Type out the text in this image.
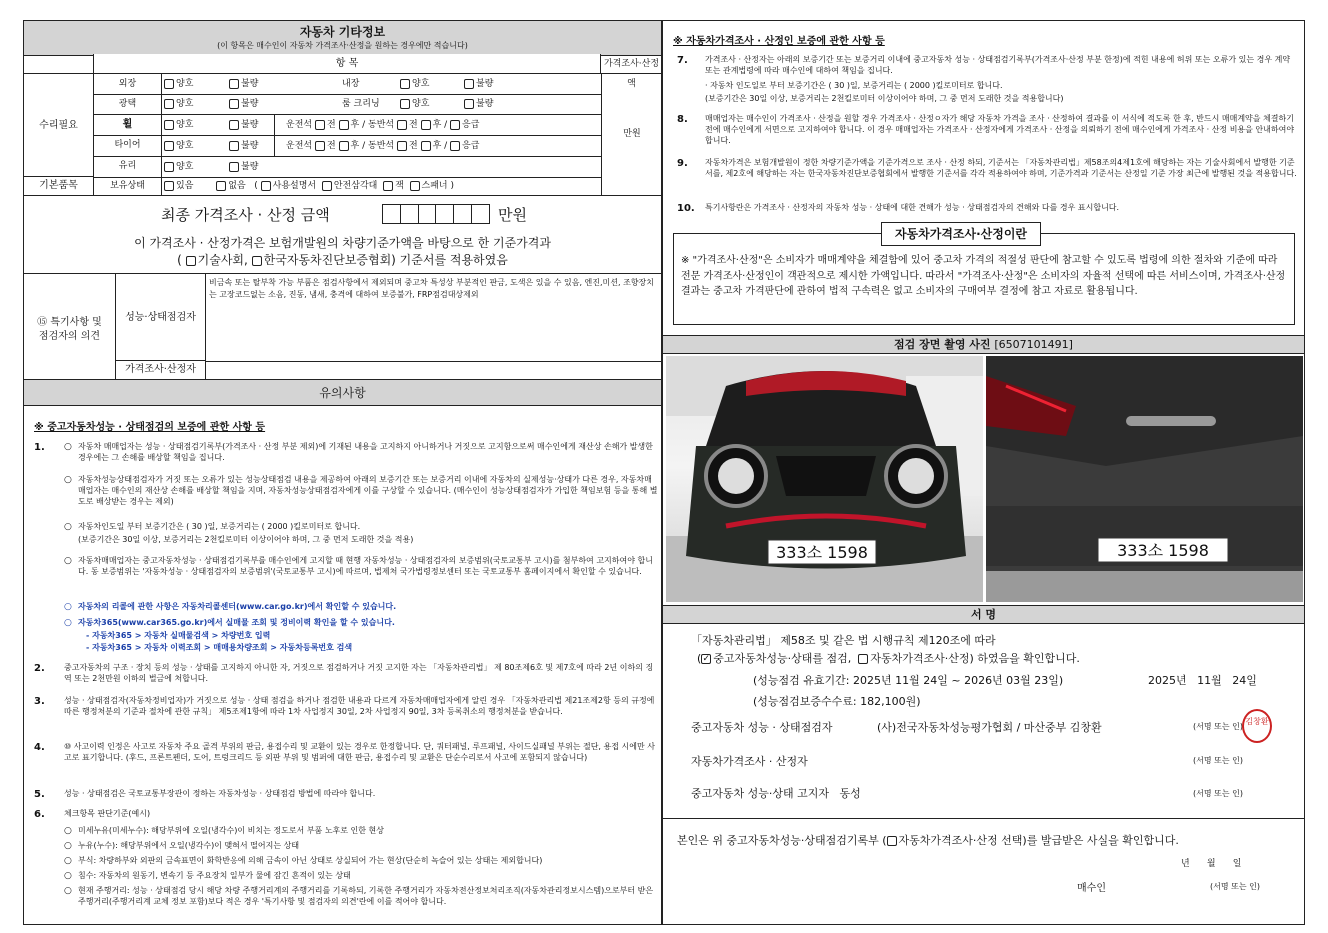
자동차 기타정보
(이 항목은 매수인이 자동차 가격조사·산정을 원하는 경우에만 적습니다)
항 목	가격조사·산정액
수리필요
기본품목
만원
외장	양호	불량	내장	양호	불량
광택	양호	불량	룸 크리닝	양호	불량
휠	양호	불량	운전석 전 후 / 동반석 전 후 / 응급
타이어	양호	불량	운전석 전 후 / 동반석 전 후 / 응급
유리	양호	불량
보유상태	있음	없음   ( 사용설명서 안전삼각대 잭 스패너 )
최종 가격조사 · 산정 금액	만원
이 가격조사 · 산정가격은 보험개발원의 차량기준가액을 바탕으로 한 기준가격과
( 기술사회, 한국자동차진단보증협회) 기준서를 적용하였음
⑮ 특기사항 및
점검자의 의견
성능·상태점검자
비금속 또는 탈부착 가능 부품은 점검사항에서 제외되며 중고차 특성상 부분적인 판금, 도색은 있을 수 있음, 엔진,미션, 조향장치는 고장코드없는 소음, 진동, 냄새, 충격에 대하여 보증불가, FRP점검대상제외
가격조사·산정자
유의사항
※ 중고자동차성능 · 상태점검의 보증에 관한 사항 등
1. ○ 자동차 매매업자는 성능 · 상태점검기록부(가격조사 · 산정 부분 제외)에 기재된 내용을 고지하지 아니하거나 거짓으로 고지함으로써 매수인에게 재산상 손해가 발생한 경우에는 그 손해를 배상할 책임을 집니다.
○ 자동차성능상태점검자가 거짓 또는 오류가 있는 성능상태점검 내용을 제공하여 아래의 보증기간 또는 보증거리 이내에 자동차의 실제성능·상태가 다른 경우, 자동차매매업자는 매수인의 재산상 손해를 배상할 책임을 지며, 자동차성능상태점검자에게 이를 구상할 수 있습니다. (매수인이 성능상태점검자가 가입한 책임보험 등을 통해 별도로 배상받는 경우는 제외)
○ 자동차인도일 부터 보증기간은 ( 30 )일, 보증거리는 ( 2000 )킬로미터로 합니다.
(보증기간은 30일 이상, 보증거리는 2천킬로미터 이상이어야 하며, 그 중 먼저 도래한 것을 적용)
○ 자동차매매업자는 중고자동차성능 · 상태점검기록부를 매수인에게 고지할 때 현행 자동차성능 · 상태점검자의 보증범위(국토교통부 고시)를 첨부하여 고지하여야 합니다. 동 보증범위는 '자동차성능 · 상태점검자의 보증범위'(국토교통부 고시)에 따르며, 법제처 국가법령정보센터 또는 국토교통부 홈페이지에서 확인할 수 있습니다.
○ 자동차의 리콜에 관한 사항은 자동차리콜센터(www.car.go.kr)에서 확인할 수 있습니다.
○ 자동차365(www.car365.go.kr)에서 실매물 조회 및 정비이력 확인을 할 수 있습니다.
- 자동차365 > 자동차 실매물검색 > 차량번호 입력
- 자동차365 > 자동차 이력조회 > 매매용차량조회 > 자동차등록번호 검색
2. 중고자동차의 구조 · 장치 등의 성능 · 상태를 고지하지 아니한 자, 거짓으로 점검하거나 거짓 고지한 자는 「자동차관리법」 제 80조제6호 및 제7호에 따라 2년 이하의 징역 또는 2천만원 이하의 벌금에 처합니다.
3. 성능 · 상태점검자(자동차정비업자)가 거짓으로 성능 · 상태 점검을 하거나 점검한 내용과 다르게 자동차매매업자에게 알린 경우 「자동차관리법 제21조제2항 등의 규정에 따른 행정처분의 기준과 절차에 관한 규칙」 제5조제1항에 따라 1차 사업정지 30일, 2차 사업정지 90일, 3차 등록취소의 행정처분을 받습니다.
4. ⑩ 사고이력 인정은 사고로 자동차 주요 골격 부위의 판금, 용접수리 및 교환이 있는 경우로 한정합니다. 단, 쿼터패널, 루프패널, 사이드실패널 부위는 절단, 용접 시에만 사고로 표기합니다. (후드, 프론트펜더, 도어, 트렁크리드 등 외판 부위 및 범퍼에 대한 판금, 용접수리 및 교환은 단순수리로서 사고에 포함되지 않습니다)
5. 성능 · 상태점검은 국토교통부장관이 정하는 자동차성능 · 상태점검 방법에 따라야 합니다.
6. 체크항목 판단기준(예시)
○ 미세누유(미세누수): 해당부위에 오일(냉각수)이 비치는 정도로서 부품 노후로 인한 현상
○ 누유(누수): 해당부위에서 오일(냉각수)이 맺혀서 떨어지는 상태
○ 부식: 차량하부와 외판의 금속표면이 화학반응에 의해 금속이 아닌 상태로 상실되어 가는 현상(단순히 녹슬어 있는 상태는 제외합니다)
○ 침수: 자동차의 원동기, 변속기 등 주요장치 일부가 물에 잠긴 흔적이 있는 상태
○ 현재 주행거리: 성능 · 상태점검 당시 해당 차량 주행거리계의 주행거리를 기록하되, 기록한 주행거리가 자동차전산정보처리조직(자동차관리정보시스템)으로부터 받은 주행거리(주행거리계 교체 정보 포함)보다 적은 경우 '특기사항 및 점검자의 의견'란에 이를 적어야 합니다.
※ 자동차가격조사 · 산정인 보증에 관한 사항 등
7. 가격조사 · 산정자는 아래의 보증기간 또는 보증거리 이내에 중고자동차 성능 · 상태점검기록부(가격조사·산정 부분 한정)에 적힌 내용에 허위 또는 오류가 있는 경우 계약 또는 관계법령에 따라 매수인에 대하여 책임을 집니다.
· 자동차 인도일로 부터 보증기간은 ( 30 )일, 보증거리는 ( 2000 )킬로미터로 합니다.
(보증기간은 30일 이상, 보증거리는 2천킬로미터 이상이어야 하며, 그 중 먼저 도래한 것을 적용합니다)
8. 매매업자는 매수인이 가격조사 · 산정을 원할 경우 가격조사 · 산정ㅇ자가 해당 자동차 가격을 조사 · 산정하여 결과를 이 서식에 적도록 한 후, 반드시 매매계약을 체결하기 전에 매수인에게 서면으로 고지하여야 합니다. 이 경우 매매업자는 가격조사 · 산정자에게 가격조사 · 산정을 의뢰하기 전에 매수인에게 가격조사 · 산정 비용을 안내하여야 합니다.
9. 자동차가격은 보험개발원이 정한 차량기준가액을 기준가격으로 조사 · 산정 하되, 기준서는 「자동차관리법」제58조의4제1호에 해당하는 자는 기술사회에서 발행한 기준서를, 제2호에 해당하는 자는 한국자동차진단보증협회에서 발행한 기준서를 각각 적용하여야 하며, 기준가격과 기준서는 산정일 기준 가장 최근에 발행된 것을 적용합니다.
10. 특기사항란은 가격조사 · 산정자의 자동차 성능 · 상태에 대한 견해가 성능 · 상태점검자의 견해와 다를 경우 표시합니다.
자동차가격조사·산정이란
※ "가격조사·산정"은 소비자가 매매계약을 체결함에 있어 중고차 가격의 적절성 판단에 참고할 수 있도록 법령에 의한 절차와 기준에 따라 전문 가격조사·산정인이 객관적으로 제시한 가액입니다. 따라서 "가격조사·산정"은 소비자의 자율적 선택에 따른 서비스이며, 가격조사·산정 결과는 중고차 가격판단에 관하여 법적 구속력은 없고 소비자의 구매여부 결정에 참고 자료로 활용됩니다.
점검 장면 촬영 사진 [6507101491]
333소 1598	333소 1598
서 명
「자동차관리법」 제58조 및 같은 법 시행규칙 제120조에 따라
(✓ 중고자동차성능·상태를 점검, 자동차가격조사·산정) 하였음을 확인합니다.
(성능점검 유효기간: 2025년 11월 24일 ~ 2026년 03월 23일)	2025년   11월   24일
(성능점검보증수수료: 182,100원)
중고자동차 성능 · 상태점검자	(사)전국자동차성능평가협회 / 마산중부 김창환	(서명 또는 인)
김창환
자동차가격조사 · 산정자	(서명 또는 인)
중고자동차 성능·상태 고지자   동성	(서명 또는 인)
본인은 위 중고자동차성능·상태점검기록부 ( 자동차가격조사·산정 선택)를 발급받은 사실을 확인합니다.
년      월      일
매수인	(서명 또는 인)
